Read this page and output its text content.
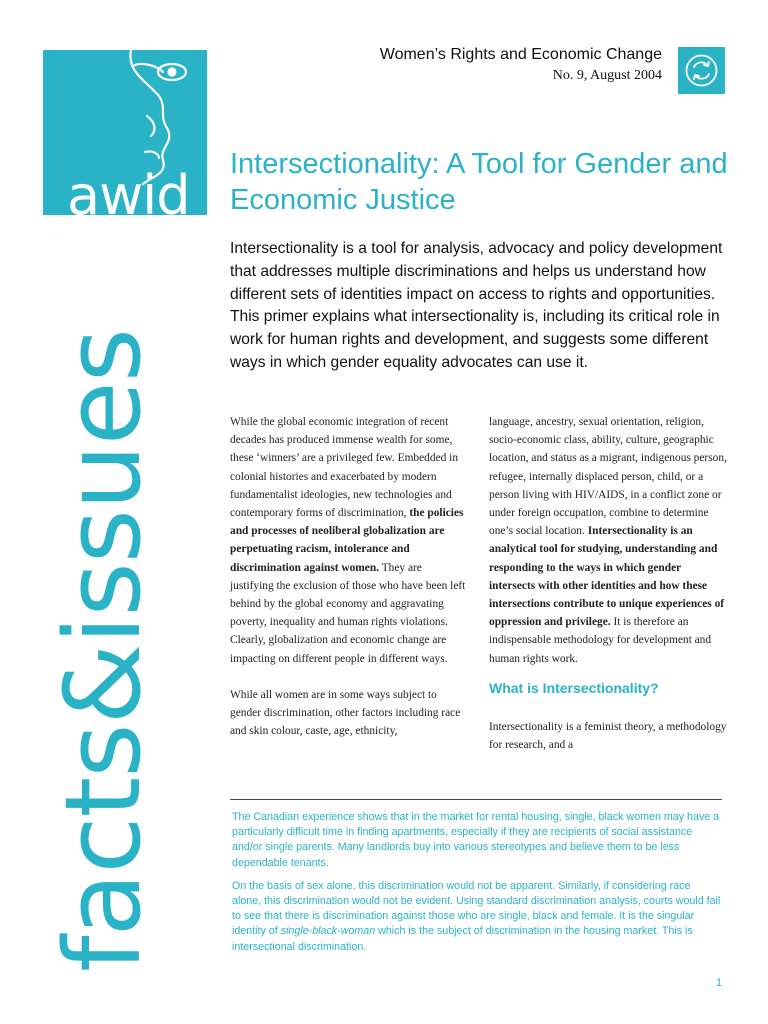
awid
facts&issues
Women’s Rights and Economic Change
No. 9, August 2004
Intersectionality: A Tool for Gender and Economic Justice

Intersectionality is a tool for analysis, advocacy and policy development that addresses multiple discriminations and helps us understand how different sets of identities impact on access to rights and opportunities. This primer explains what intersectionality is, including its critical role in work for human rights and development, and suggests some different ways in which gender equality advocates can use it.

While the global economic integration of recent decades has produced immense wealth for some, these ‘winners’ are a privileged few. Embedded in colonial histories and exacerbated by modern fundamentalist ideologies, new technologies and contemporary forms of discrimination, the policies and processes of neoliberal globalization are perpetuating racism, intolerance and discrimination against women. They are justifying the exclusion of those who have been left behind by the global economy and aggravating poverty, inequality and human rights violations. Clearly, globalization and economic change are impacting on different people in different ways.

While all women are in some ways subject to gender discrimination, other factors including race and skin colour, caste, age, ethnicity,

language, ancestry, sexual orientation, religion, socio-economic class, ability, culture, geographic location, and status as a migrant, indigenous person, refugee, internally displaced person, child, or a person living with HIV/AIDS, in a conflict zone or under foreign occupation, combine to determine one’s social location. Intersectionality is an analytical tool for studying, understanding and responding to the ways in which gender intersects with other identities and how these intersections contribute to unique experiences of oppression and privilege. It is therefore an indispensable methodology for development and human rights work.

What is Intersectionality?

Intersectionality is a feminist theory, a methodology for research, and a

The Canadian experience shows that in the market for rental housing, single, black women may have a particularly difficult time in finding apartments, especially if they are recipients of social assistance and/or single parents. Many landlords buy into various stereotypes and believe them to be less dependable tenants.

On the basis of sex alone, this discrimination would not be apparent. Similarly, if considering race alone, this discrimination would not be evident. Using standard discrimination analysis, courts would fail to see that there is discrimination against those who are single, black and female. It is the singular identity of single-black-woman which is the subject of discrimination in the housing market. This is intersectional discrimination.

1
